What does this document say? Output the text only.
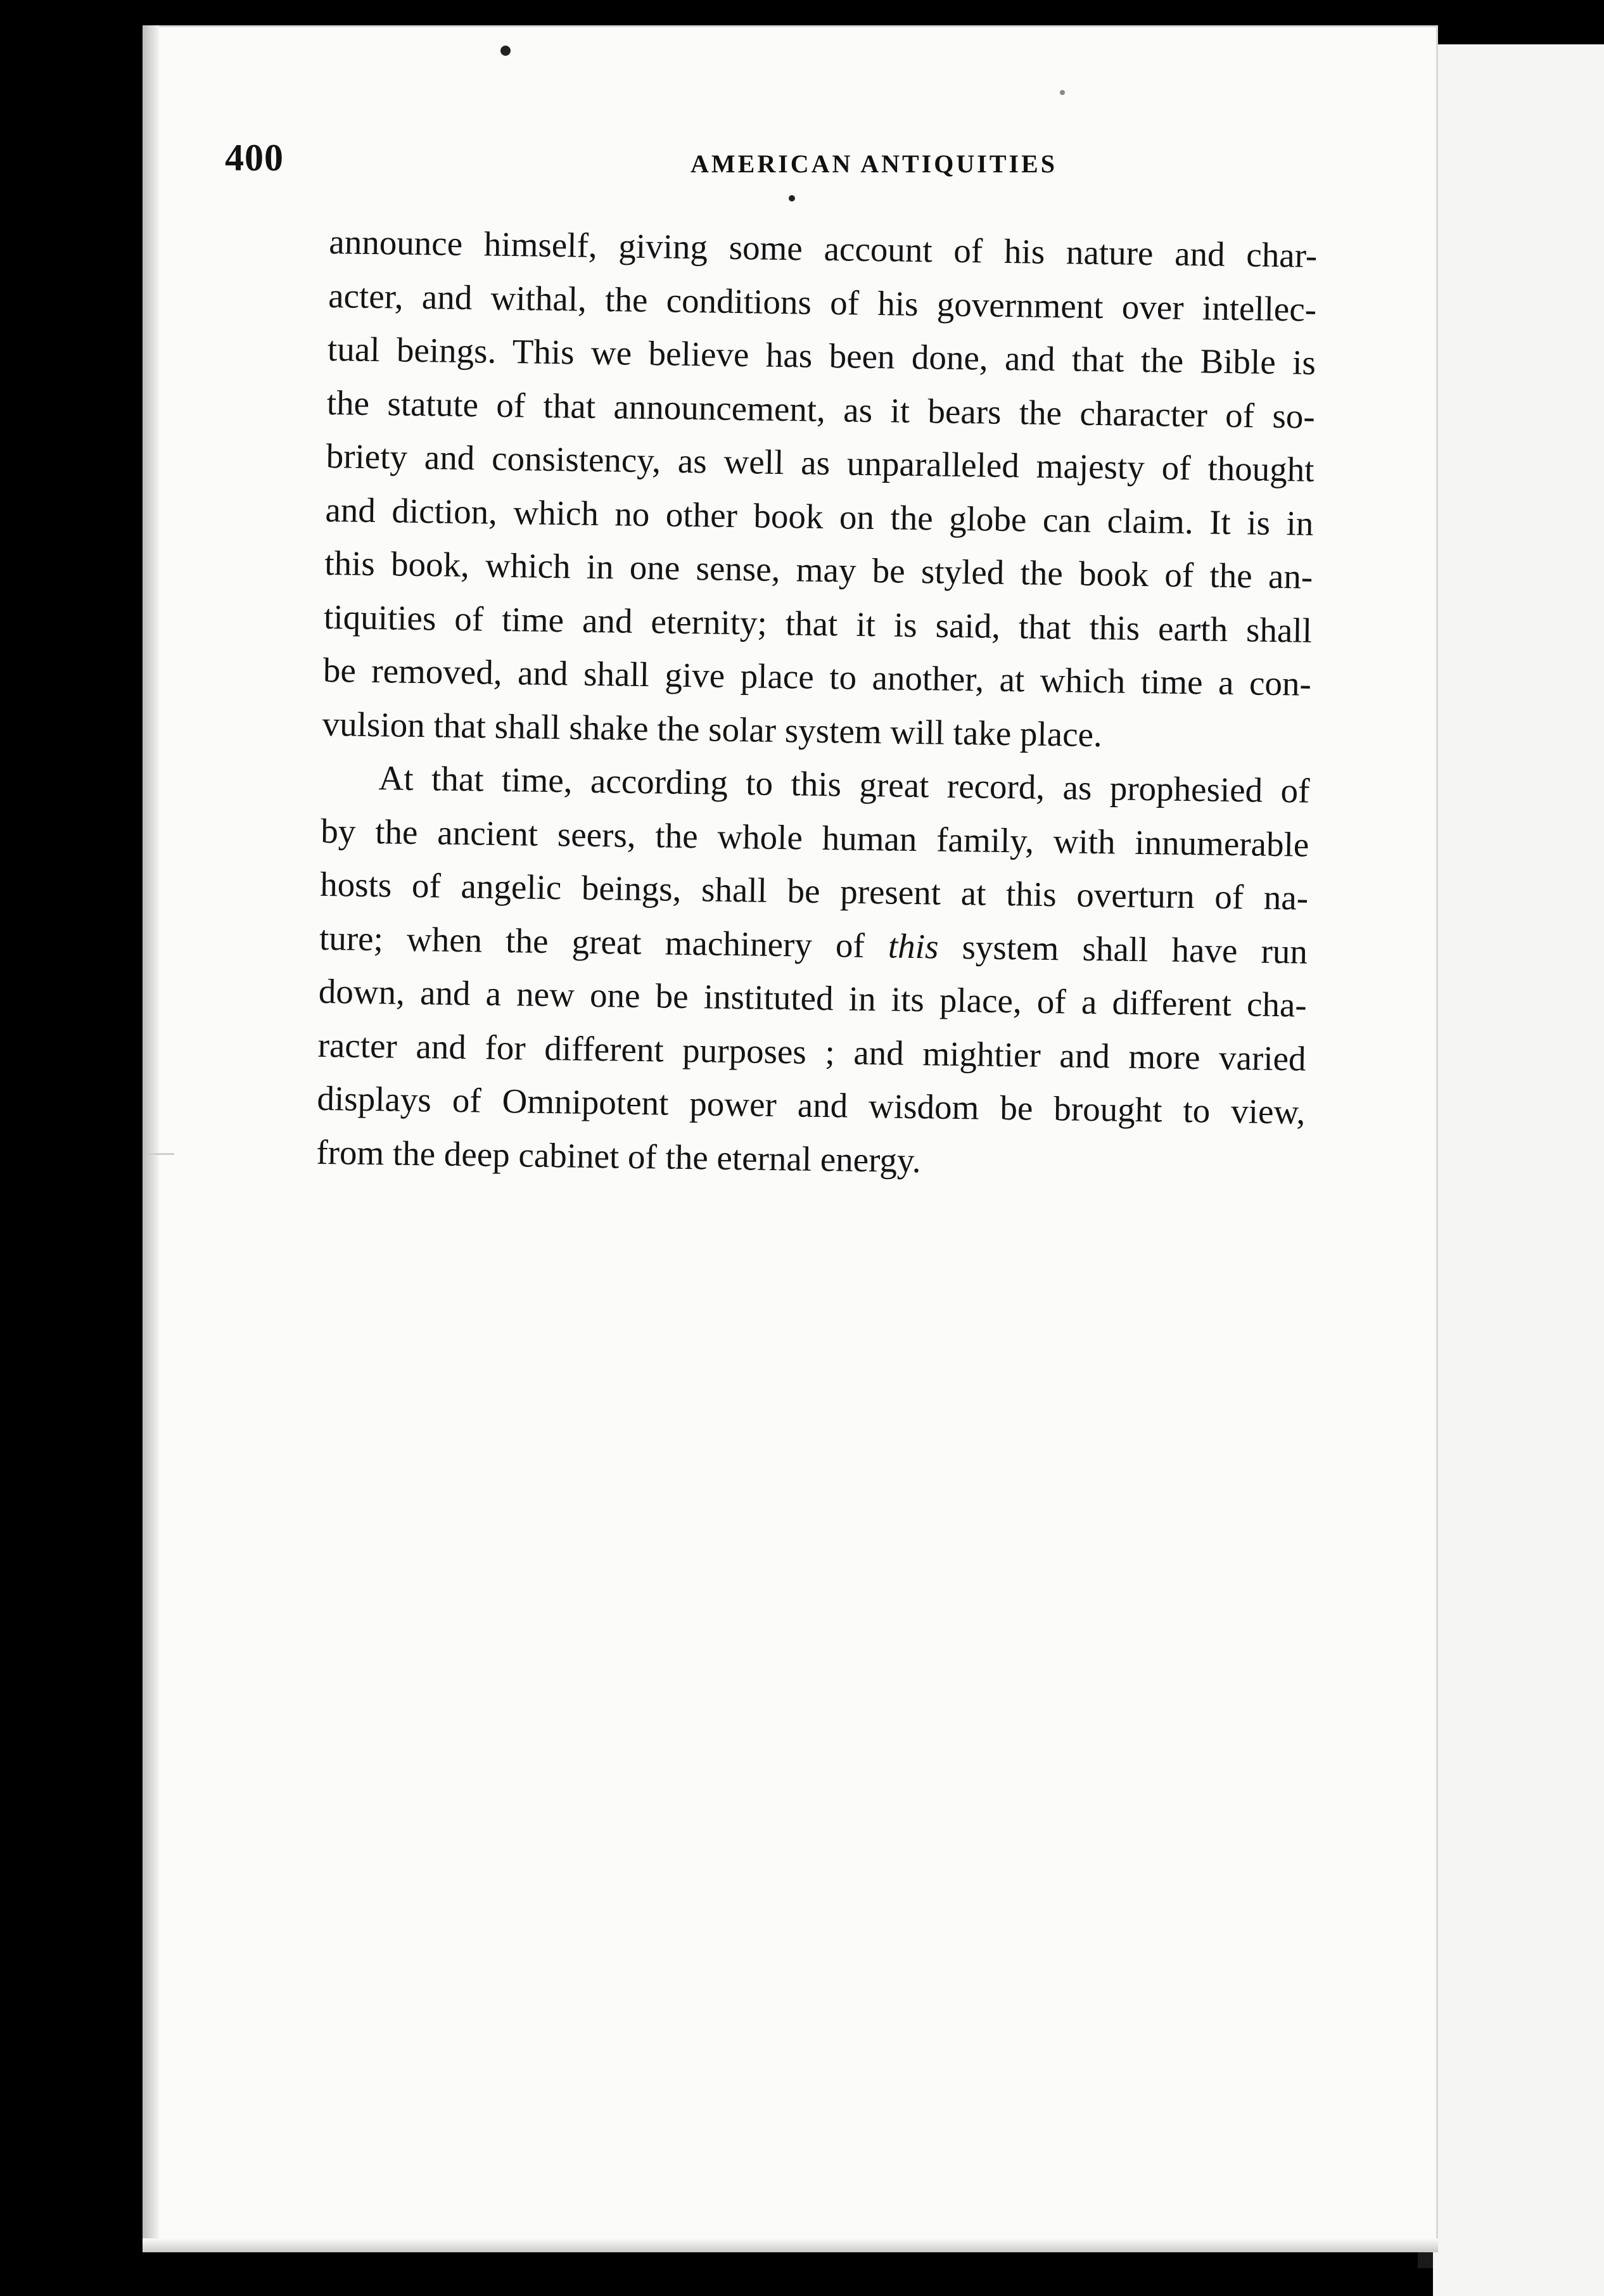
400	AMERICAN ANTIQUITIES
announce himself, giving some account of his nature and char-
acter, and withal, the conditions of his government over intellec-
tual beings. This we believe has been done, and that the Bible is
the statute of that announcement, as it bears the character of so-
briety and consistency, as well as unparalleled majesty of thought
and diction, which no other book on the globe can claim. It is in
this book, which in one sense, may be styled the book of the an-
tiquities of time and eternity; that it is said, that this earth shall
be removed, and shall give place to another, at which time a con-
vulsion that shall shake the solar system will take place.
At that time, according to this great record, as prophesied of
by the ancient seers, the whole human family, with innumerable
hosts of angelic beings, shall be present at this overturn of na-
ture; when the great machinery of this system shall have run
down, and a new one be instituted in its place, of a different cha-
racter and for different purposes ; and mightier and more varied
displays of Omnipotent power and wisdom be brought to view,
from the deep cabinet of the eternal energy.
